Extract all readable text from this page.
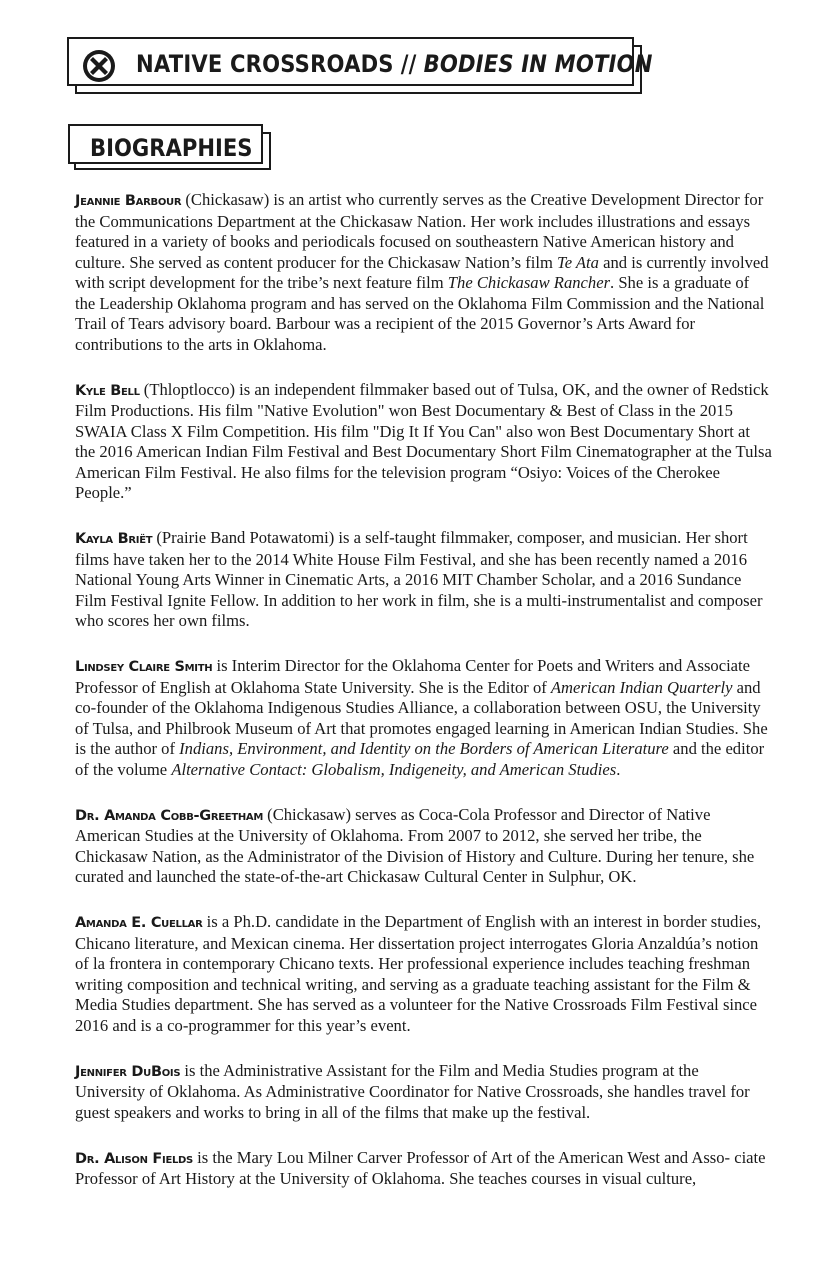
NATIVE CROSSROADS // BODIES IN MOTION
BIOGRAPHIES

Jeannie Barbour (Chickasaw) is an artist who currently serves as the Creative Development Director for the Communications Department at the Chickasaw Nation. Her work includes illustrations and essays featured in a variety of books and periodicals focused on southeastern Native American history and culture. She served as content producer for the Chickasaw Nation’s film Te Ata and is currently involved with script development for the tribe’s next feature film The Chickasaw Rancher. She is a graduate of the Leadership Oklahoma program and has served on the Oklahoma Film Commission and the National Trail of Tears advisory board. Barbour was a recipient of the 2015 Governor’s Arts Award for contributions to the arts in Oklahoma.

Kyle Bell (Thloptlocco) is an independent filmmaker based out of Tulsa, OK, and the owner of Redstick Film Productions. His film "Native Evolution" won Best Documentary & Best of Class in the 2015 SWAIA Class X Film Competition. His film "Dig It If You Can" also won Best Documentary Short at the 2016 American Indian Film Festival and Best Documentary Short Film Cinematographer at the Tulsa American Film Festival. He also films for the television program “Osiyo: Voices of the Cherokee People.”

Kayla Briët (Prairie Band Potawatomi) is a self-taught filmmaker, composer, and musician. Her short films have taken her to the 2014 White House Film Festival, and she has been recently named a 2016 National Young Arts Winner in Cinematic Arts, a 2016 MIT Chamber Scholar, and a 2016 Sundance Film Festival Ignite Fellow. In addition to her work in film, she is a multi-instrumentalist and composer who scores her own films.

Lindsey Claire Smith is Interim Director for the Oklahoma Center for Poets and Writers and Associate Professor of English at Oklahoma State University. She is the Editor of American Indian Quarterly and co-founder of the Oklahoma Indigenous Studies Alliance, a collaboration between OSU, the University of Tulsa, and Philbrook Museum of Art that promotes engaged learning in American Indian Studies. She is the author of Indians, Environment, and Identity on the Borders of American Literature and the editor of the volume Alternative Contact: Globalism, Indigeneity, and American Studies.

Dr. Amanda Cobb-Greetham (Chickasaw) serves as Coca-Cola Professor and Director of Native American Studies at the University of Oklahoma. From 2007 to 2012, she served her tribe, the Chickasaw Nation, as the Administrator of the Division of History and Culture. During her tenure, she curated and launched the state-of-the-art Chickasaw Cultural Center in Sulphur, OK.

Amanda E. Cuellar is a Ph.D. candidate in the Department of English with an interest in border studies, Chicano literature, and Mexican cinema. Her dissertation project interrogates Gloria Anzaldúa’s notion of la frontera in contemporary Chicano texts. Her professional experience includes teaching freshman writing composition and technical writing, and serving as a graduate teaching assistant for the Film & Media Studies department. She has served as a volunteer for the Native Crossroads Film Festival since 2016 and is a co-programmer for this year’s event.

Jennifer DuBois is the Administrative Assistant for the Film and Media Studies program at the University of Oklahoma. As Administrative Coordinator for Native Crossroads, she handles travel for guest speakers and works to bring in all of the films that make up the festival.

Dr. Alison Fields is the Mary Lou Milner Carver Professor of Art of the American West and Asso- ciate Professor of Art History at the University of Oklahoma. She teaches courses in visual culture,
